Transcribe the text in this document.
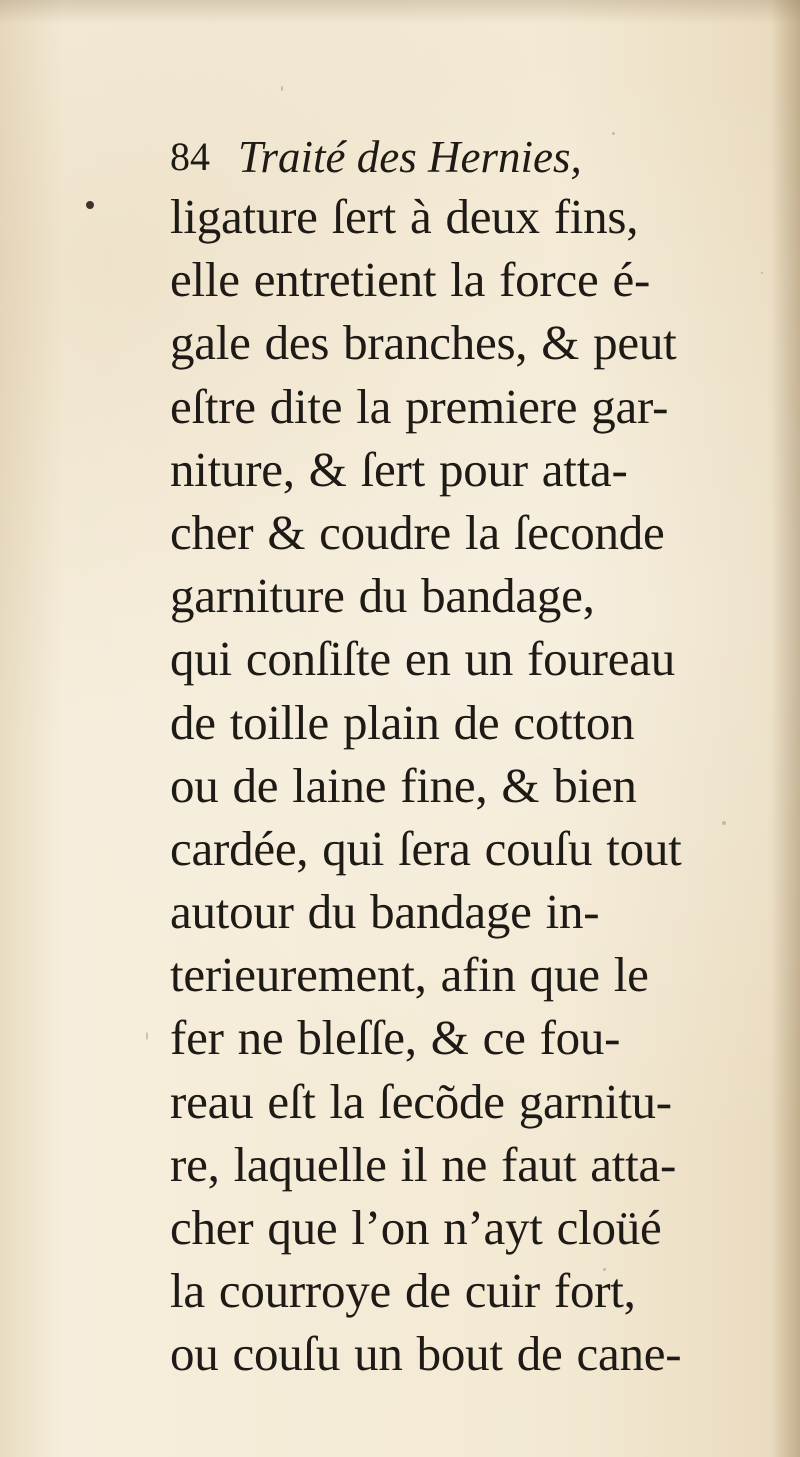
84 Traité des Hernies,
ligature ſert à deux fins,
elle entretient la force é-
gale des branches, & peut
eſtre dite la premiere gar-
niture, & ſert pour atta-
cher & coudre la ſeconde
garniture du bandage,
qui conſiſte en un foureau
de toille plain de cotton
ou de laine fine, & bien
cardée, qui ſera couſu tout
autour du bandage in-
terieurement, afin que le
fer ne bleſſe, & ce fou-
reau eſt la ſecõde garnitu-
re, laquelle il ne faut atta-
cher que l’on n’ayt cloüé
la courroye de cuir fort,
ou couſu un bout de cane-
